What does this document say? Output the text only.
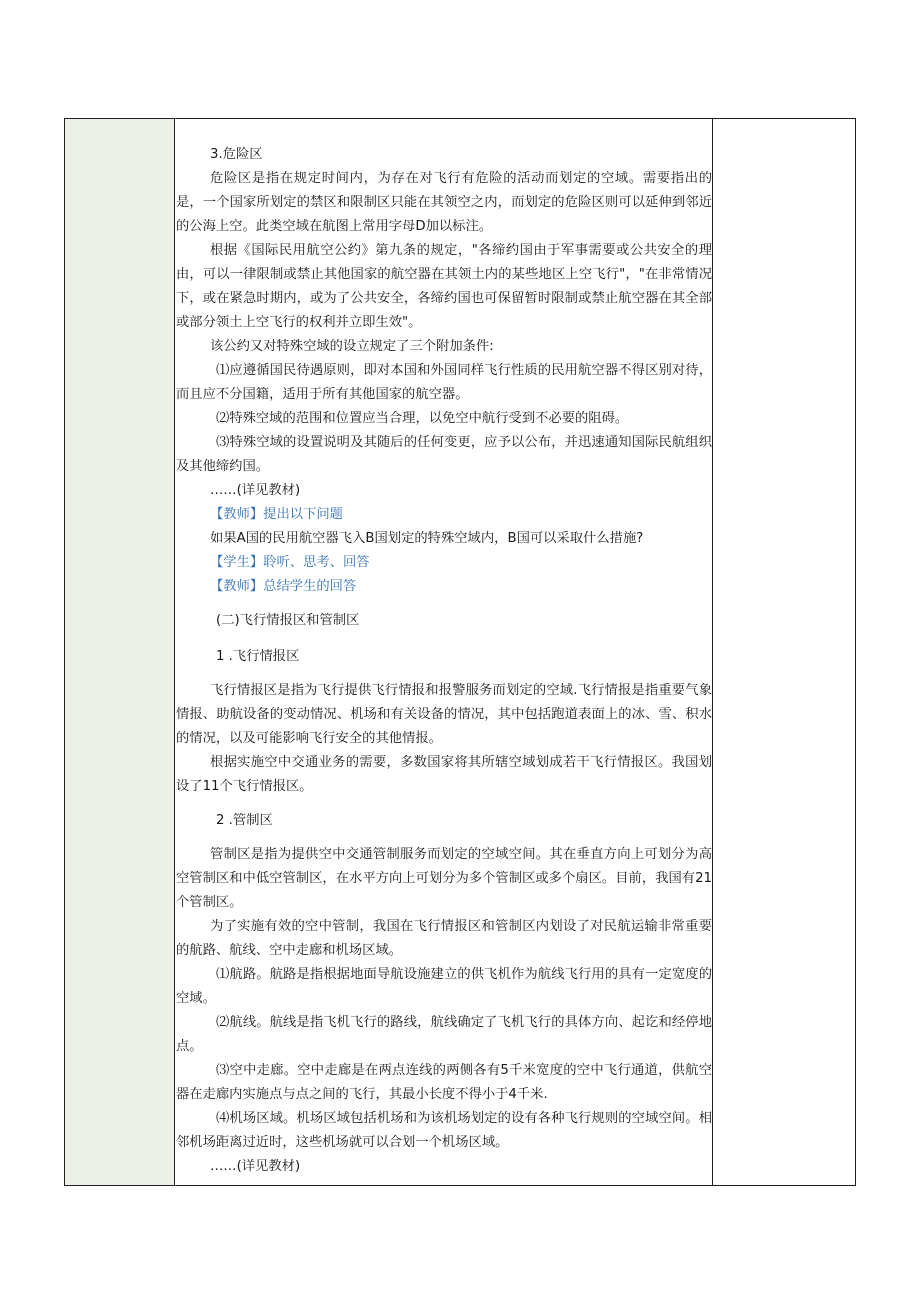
3.危险区

危险区是指在规定时间内，为存在对飞行有危险的活动而划定的空域。需要指出的是，一个国家所划定的禁区和限制区只能在其领空之内，而划定的危险区则可以延伸到邻近的公海上空。此类空域在航图上常用字母D加以标注。

根据《国际民用航空公约》第九条的规定，"各缔约国由于军事需要或公共安全的理由，可以一律限制或禁止其他国家的航空器在其领土内的某些地区上空飞行"，"在非常情况下，或在紧急时期内，或为了公共安全，各缔约国也可保留暂时限制或禁止航空器在其全部或部分领土上空飞行的权利并立即生效"。

该公约又对特殊空域的设立规定了三个附加条件:

⑴应遵循国民待遇原则，即对本国和外国同样飞行性质的民用航空器不得区别对待，而且应不分国籍，适用于所有其他国家的航空器。

⑵特殊空域的范围和位置应当合理，以免空中航行受到不必要的阻碍。

⑶特殊空域的设置说明及其随后的任何变更，应予以公布，并迅速通知国际民航组织及其他缔约国。

……(详见教材)

【教师】提出以下问题

如果A国的民用航空器飞入B国划定的特殊空域内，B国可以采取什么措施?

【学生】聆听、思考、回答

【教师】总结学生的回答

(二)飞行情报区和管制区

1 .飞行情报区

飞行情报区是指为飞行提供飞行情报和报警服务而划定的空域.飞行情报是指重要气象情报、助航设备的变动情况、机场和有关设备的情况，其中包括跑道表面上的冰、雪、积水的情况，以及可能影响飞行安全的其他情报。

根据实施空中交通业务的需要，多数国家将其所辖空域划成若干飞行情报区。我国划设了11个飞行情报区。

2 .管制区

管制区是指为提供空中交通管制服务而划定的空域空间。其在垂直方向上可划分为高空管制区和中低空管制区，在水平方向上可划分为多个管制区或多个扇区。目前，我国有21个管制区。

为了实施有效的空中管制，我国在飞行情报区和管制区内划设了对民航运输非常重要的航路、航线、空中走廊和机场区域。

⑴航路。航路是指根据地面导航设施建立的供飞机作为航线飞行用的具有一定宽度的空域。

⑵航线。航线是指飞机飞行的路线，航线确定了飞机飞行的具体方向、起讫和经停地点。

⑶空中走廊。空中走廊是在两点连线的两侧各有5千米宽度的空中飞行通道，供航空器在走廊内实施点与点之间的飞行，其最小长度不得小于4千米.

⑷机场区域。机场区域包括机场和为该机场划定的设有各种飞行规则的空域空间。相邻机场距离过近时，这些机场就可以合划一个机场区域。

……(详见教材)
